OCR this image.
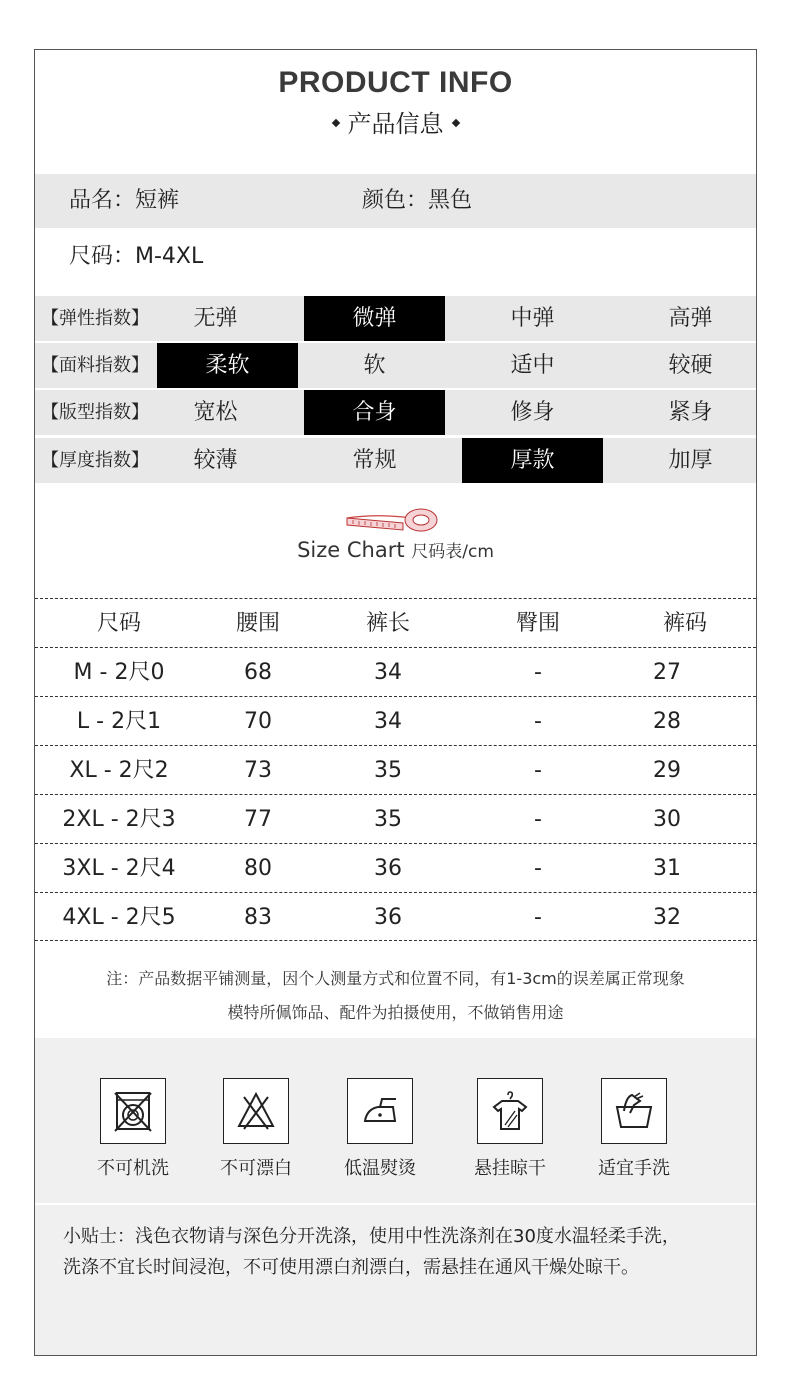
PRODUCT INFO
产品信息
品名：短裤	颜色：黑色
尺码：M-4XL
【弹性指数】	无弹	微弹	中弹	高弹
【面料指数】	柔软	软	适中	较硬
【版型指数】	宽松	合身	修身	紧身
【厚度指数】	较薄	常规	厚款	加厚
Size Chart 尺码表/cm
尺码	腰围	裤长	臀围	裤码
M - 2尺0	68	34	-	27
L - 2尺1	70	34	-	28
XL - 2尺2	73	35	-	29
2XL - 2尺3	77	35	-	30
3XL - 2尺4	80	36	-	31
4XL - 2尺5	83	36	-	32
注：产品数据平铺测量，因个人测量方式和位置不同，有1-3cm的误差属正常现象
模特所佩饰品、配件为拍摄使用，不做销售用途
不可机洗	不可漂白	低温熨烫	悬挂晾干	适宜手洗
小贴士：浅色衣物请与深色分开洗涤，使用中性洗涤剂在30度水温轻柔手洗，
洗涤不宜长时间浸泡，不可使用漂白剂漂白，需悬挂在通风干燥处晾干。
